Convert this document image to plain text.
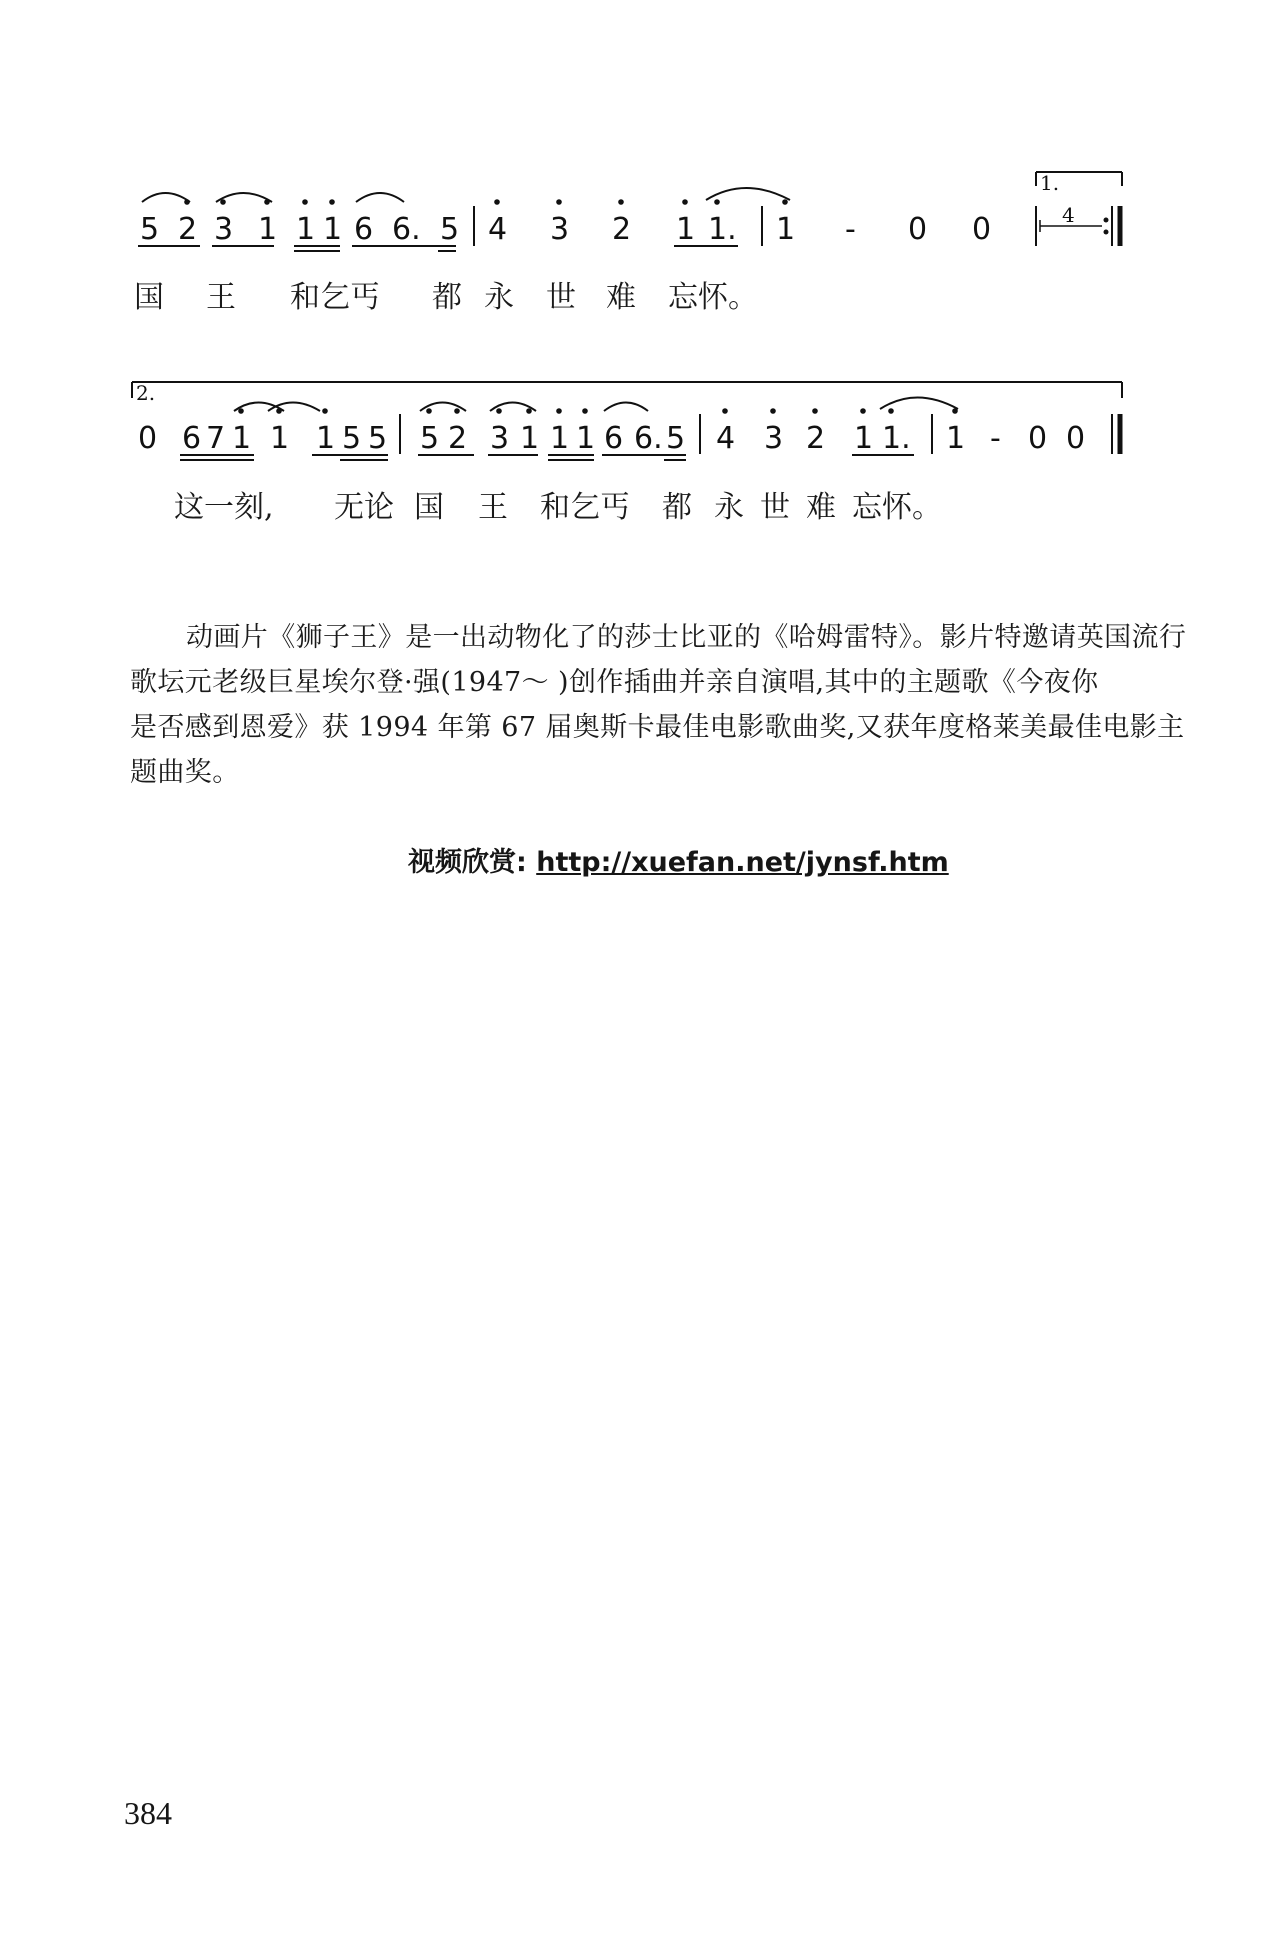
5 2 3 1 1 1 6 6. 5 4 3 2 1 1. 1 - 0 0
1.
4
2.
0 6 7 1 1 1 5 5 5 2 3 1 1 1 6 6. 5 4 3 2 1 1. 1 - 0 0
国 王 和乞丐 都 永 世 难 忘怀。
这一刻, 无论 国 王 和乞丐 都 永 世 难 忘怀。

动画片《狮子王》是一出动物化了的莎士比亚的《哈姆雷特》。影片特邀请英国流行

歌坛元老级巨星埃尔登·强(1947～ )创作插曲并亲自演唱,其中的主题歌《今夜你

是否感到恩爱》获 1994 年第 67 届奥斯卡最佳电影歌曲奖,又获年度格莱美最佳电影主

题曲奖。

视频欣赏: http://xuefan.net/jynsf.htm
384
